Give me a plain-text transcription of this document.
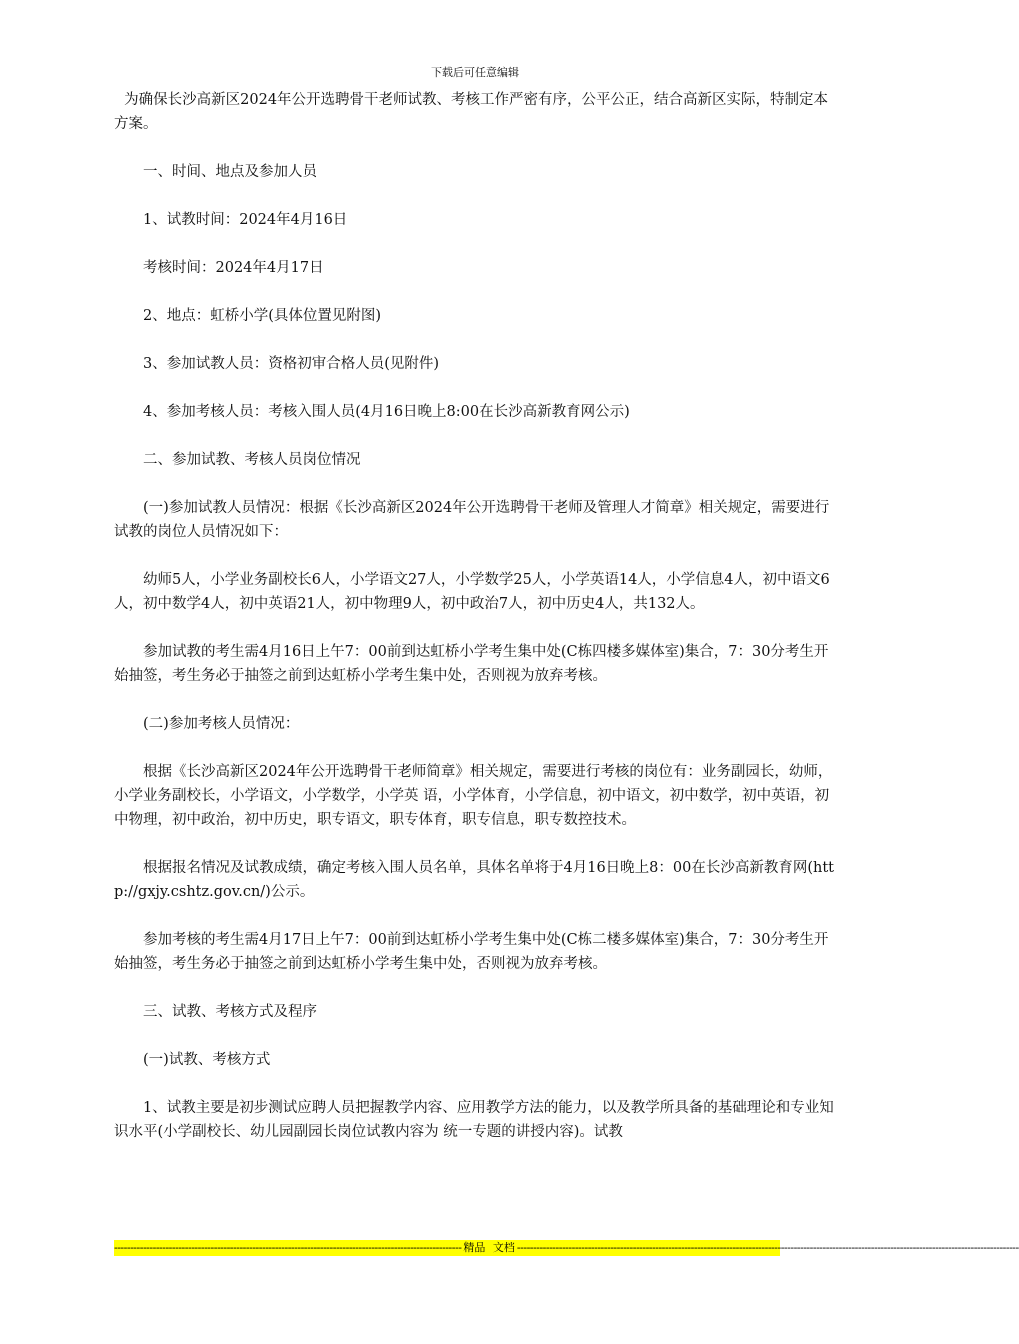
下载后可任意编辑

为确保长沙高新区2024年公开选聘骨干老师试教、考核工作严密有序，公平公正，结合高新区实际，特制定本方案。

一、时间、地点及参加人员

1、试教时间：2024年4月16日

考核时间：2024年4月17日

2、地点：虹桥小学(具体位置见附图)

3、参加试教人员：资格初审合格人员(见附件)

4、参加考核人员：考核入围人员(4月16日晚上8:00在长沙高新教育网公示)

二、参加试教、考核人员岗位情况

(一)参加试教人员情况：根据《长沙高新区2024年公开选聘骨干老师及管理人才简章》相关规定，需要进行试教的岗位人员情况如下：

幼师5人，小学业务副校长6人，小学语文27人，小学数学25人，小学英语14人，小学信息4人，初中语文6人，初中数学4人，初中英语21人，初中物理9人，初中政治7人，初中历史4人，共132人。

参加试教的考生需4月16日上午7：00前到达虹桥小学考生集中处(C栋四楼多媒体室)集合，7：30分考生开始抽签，考生务必于抽签之前到达虹桥小学考生集中处，否则视为放弃考核。

(二)参加考核人员情况：

根据《长沙高新区2024年公开选聘骨干老师简章》相关规定，需要进行考核的岗位有：业务副园长，幼师，小学业务副校长，小学语文，小学数学，小学英 语，小学体育，小学信息，初中语文，初中数学，初中英语，初中物理，初中政治，初中历史，职专语文，职专体育，职专信息，职专数控技术。

根据报名情况及试教成绩，确定考核入围人员名单，具体名单将于4月16日晚上8：00在长沙高新教育网(http://gxjy.cshtz.gov.cn/)公示。

参加考核的考生需4月17日上午7：00前到达虹桥小学考生集中处(C栋二楼多媒体室)集合，7：30分考生开始抽签，考生务必于抽签之前到达虹桥小学考生集中处，否则视为放弃考核。

三、试教、考核方式及程序

(一)试教、考核方式

1、试教主要是初步测试应聘人员把握教学内容、应用教学方法的能力，以及教学所具备的基础理论和专业知识水平(小学副校长、幼儿园副园长岗位试教内容为 统一专题的讲授内容)。试教

------------------------------------------------------------------------------------------------------------ 精品 文档 ------------------------------------------------------------------------------------------------------------------------------------------------------------
